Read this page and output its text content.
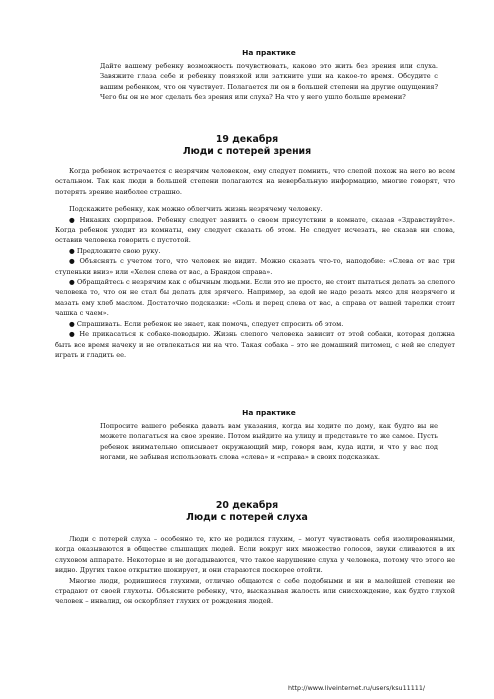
На практике

Дайте вашему ребенку возможность почувствовать, каково это жить без зрения или слуха. Завяжите глаза себе и ребенку повязкой или заткните уши на какое-то время. Обсудите с вашим ребенком, что он чувствует. Полагается ли он в большей степени на другие ощущения? Чего бы он не мог сделать без зрения или слуха? На что у него ушло больше времени?

19 декабря
Люди с потерей зрения

Когда ребенок встречается с незрячим человеком, ему следует помнить, что слепой похож на него во всем остальном. Так как люди в большей степени полагаются на невербальную информацию, многие говорят, что потерять зрение наиболее страшно.

Подскажите ребенку, как можно облегчить жизнь незрячему человеку.

● Никаких сюрпризов. Ребенку следует заявить о своем присутствии в комнате, сказав «Здравствуйте». Когда ребенок уходит из комнаты, ему следует сказать об этом. Не следует исчезать, не сказав ни слова, оставив человека говорить с пустотой.

● Предложите свою руку.

● Объяснять с учетом того, что человек не видит. Можно сказать что-то, наподобие: «Слева от вас три ступеньки вниз» или «Хелен слева от вас, а Брандон справа».

● Обращайтесь с незрячим как с обычным людьми. Если это не просто, не стоит пытаться делать за слепого человека то, что он не стал бы делать для зрячего. Например, за едой не надо резать мясо для незрячего и мазать ему хлеб маслом. Достаточно подсказки: «Соль и перец слева от вас, а справа от вашей тарелки стоит чашка с чаем».

● Спрашивать. Если ребенок не знает, как помочь, следует спросить об этом.

● Не прикасаться к собаке-поводырю. Жизнь слепого человека зависит от этой собаки, которая должна быть все время начеку и не отвлекаться ни на что. Такая собака – это не домашний питомец, с ней не следует играть и гладить ее.

На практике

Попросите вашего ребенка давать вам указания, когда вы ходите по дому, как будто вы не можете полагаться на свое зрение. Потом выйдите на улицу и представьте то же самое. Пусть ребенок внимательно описывает окружающий мир, говоря вам, куда идти, и что у вас под ногами, не забывая использовать слова «слева» и «справа» в своих подсказках.

20 декабря
Люди с потерей слуха

Люди с потерей слуха – особенно те, кто не родился глухим, – могут чувствовать себя изолированными, когда оказываются в обществе слышащих людей. Если вокруг них множество голосов, звуки сливаются в их слуховом аппарате. Некоторые и не догадываются, что такое нарушение слуха у человека, потому что этого не видно. Других такое открытие шокирует, и они стараются поскорее отойти.

Многие люди, родившиеся глухими, отлично общаются с себе подобными и ни в малейшей степени не страдают от своей глухоты. Объясните ребенку, что, высказывая жалость или снисхождение, как будто глухой человек – инвалид, он оскорбляет глухих от рождения людей.

http://www.liveinternet.ru/users/ksu11111/
